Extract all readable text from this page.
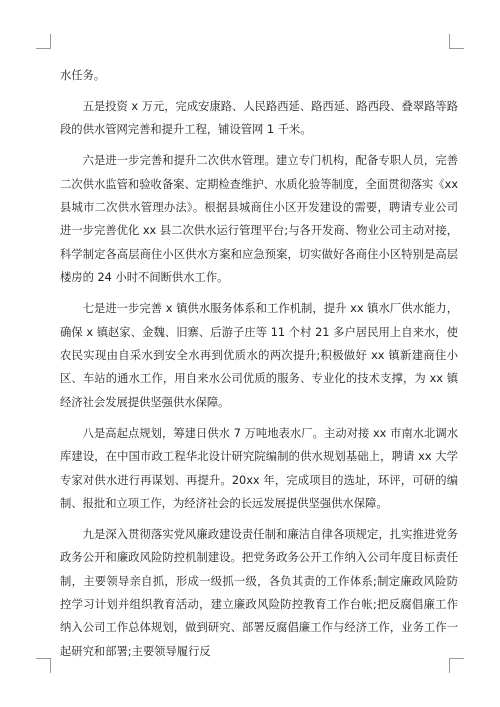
水任务。

五是投资 x 万元，完成安康路、人民路西延、路西延、路西段、叠翠路等路段的供水管网完善和提升工程，铺设管网 1 千米。

六是进一步完善和提升二次供水管理。建立专门机构，配备专职人员，完善二次供水监管和验收备案、定期检查维护、水质化验等制度，全面贯彻落实《xx 县城市二次供水管理办法》。根据县城商住小区开发建设的需要，聘请专业公司进一步完善优化 xx 县二次供水运行管理平台;与各开发商、物业公司主动对接，科学制定各高层商住小区供水方案和应急预案，切实做好各商住小区特别是高层楼房的 24 小时不间断供水工作。

七是进一步完善 x 镇供水服务体系和工作机制，提升 xx 镇水厂供水能力，确保 x 镇赵家、金魏、旧寨、后游子庄等 11 个村 21 多户居民用上自来水，使农民实现由自采水到安全水再到优质水的两次提升;积极做好 xx 镇新建商住小区、车站的通水工作，用自来水公司优质的服务、专业化的技术支撑，为 xx 镇经济社会发展提供坚强供水保障。

八是高起点规划，筹建日供水 7 万吨地表水厂。主动对接 xx 市南水北调水库建设，在中国市政工程华北设计研究院编制的供水规划基础上，聘请 xx 大学专家对供水进行再谋划、再提升。20xx 年，完成项目的选址，环评，可研的编制、报批和立项工作，为经济社会的长远发展提供坚强供水保障。

九是深入贯彻落实党风廉政建设责任制和廉洁自律各项规定，扎实推进党务政务公开和廉政风险防控机制建设。把党务政务公开工作纳入公司年度目标责任制，主要领导亲自抓，形成一级抓一级，各负其责的工作体系;制定廉政风险防控学习计划并组织教育活动，建立廉政风险防控教育工作台帐;把反腐倡廉工作纳入公司工作总体规划，做到研究、部署反腐倡廉工作与经济工作，业务工作一起研究和部署;主要领导履行反
